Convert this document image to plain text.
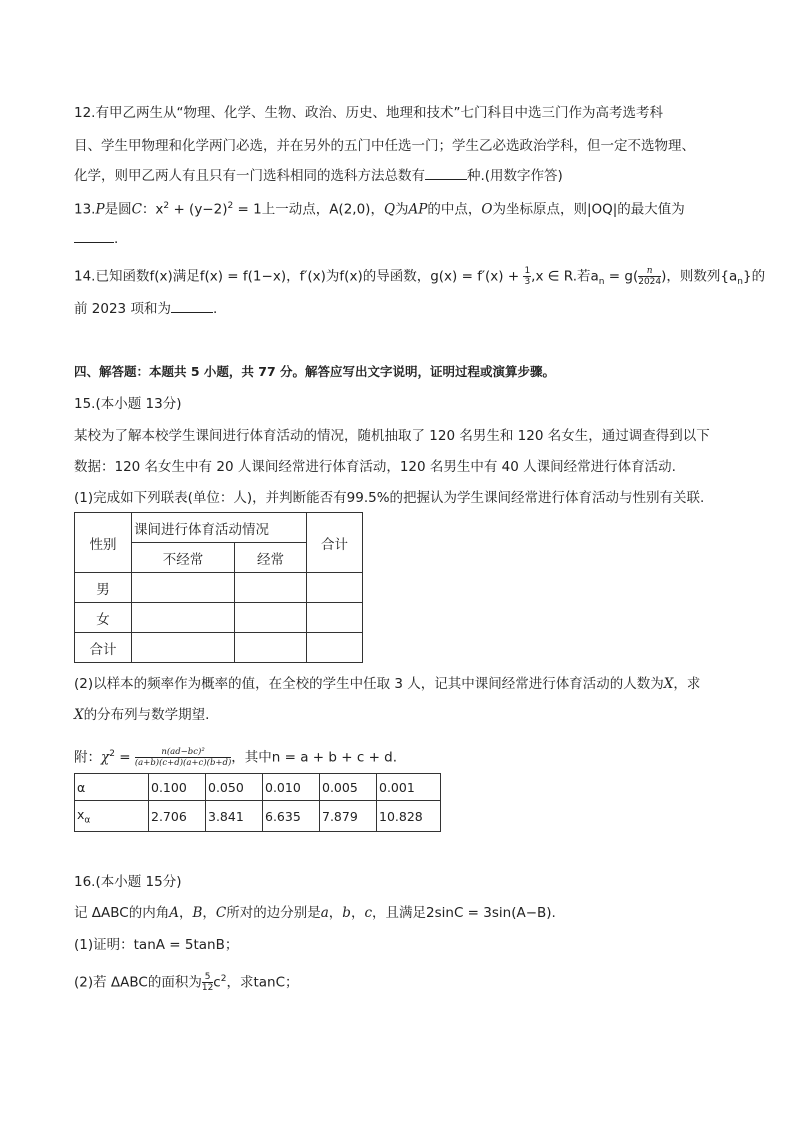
12.有甲乙两生从“物理、化学、生物、政治、历史、地理和技术”七门科目中选三门作为高考选考科
目、学生甲物理和化学两门必选，并在另外的五门中任选一门；学生乙必选政治学科，但一定不选物理、
化学，则甲乙两人有且只有一门选科相同的选科方法总数有	种.(用数字作答)
13.P是圆C：$x^2 + (y-2)^2 = 1$上一动点，A(2,0)，Q为AP的中点，O为坐标原点，则|OQ|的最大值为
.
14.已知函数f(x)满足f(x) = f(1−x)，f′(x)为f(x)的导函数，$g(x) = f'(x) + \frac{1}{3} ,x$ ∈ R.若$a_n = g( \frac{n}{2024}$ )，则数列$\{a_n\}$的
前 2023 项和为	.
四、解答题：本题共 5 小题，共 77 分。解答应写出文字说明，证明过程或演算步骤。
15.(本小题 13分)
某校为了解本校学生课间进行体育活动的情况，随机抽取了 120 名男生和 120 名女生，通过调查得到以下
数据：120 名女生中有 20 人课间经常进行体育活动，120 名男生中有 40 人课间经常进行体育活动.
(1)完成如下列联表(单位：人)，并判断能否有99.5%的把握认为学生课间经常进行体育活动与性别有关联.
性别	课间进行体育活动情况		合计
	不经常	经常	
男			
女			
合计			
(2)以样本的频率作为概率的值，在全校的学生中任取 3 人，记其中课间经常进行体育活动的人数为X，求
X的分布列与数学期望.
附：$\chi^2 = \frac{\text{n(ad−bc)²}}{(a+b)(c+d)(a+c)(b+d)}$ ，其中n = a + b + c + d.
α	0.100	0.050	0.010	0.005	0.001
$x_\alpha$	2.706	3.841	6.635	7.879	10.828
16.(本小题 15分)
记 ΔABC的内角A，B，C所对的边分别是a，b，c，且满足2sinC = 3sin(A−B).
(1)证明：tanA = 5tanB；
(2)若 ΔABC的面积为 $\frac{5}{12} c^2$，求tanC；
